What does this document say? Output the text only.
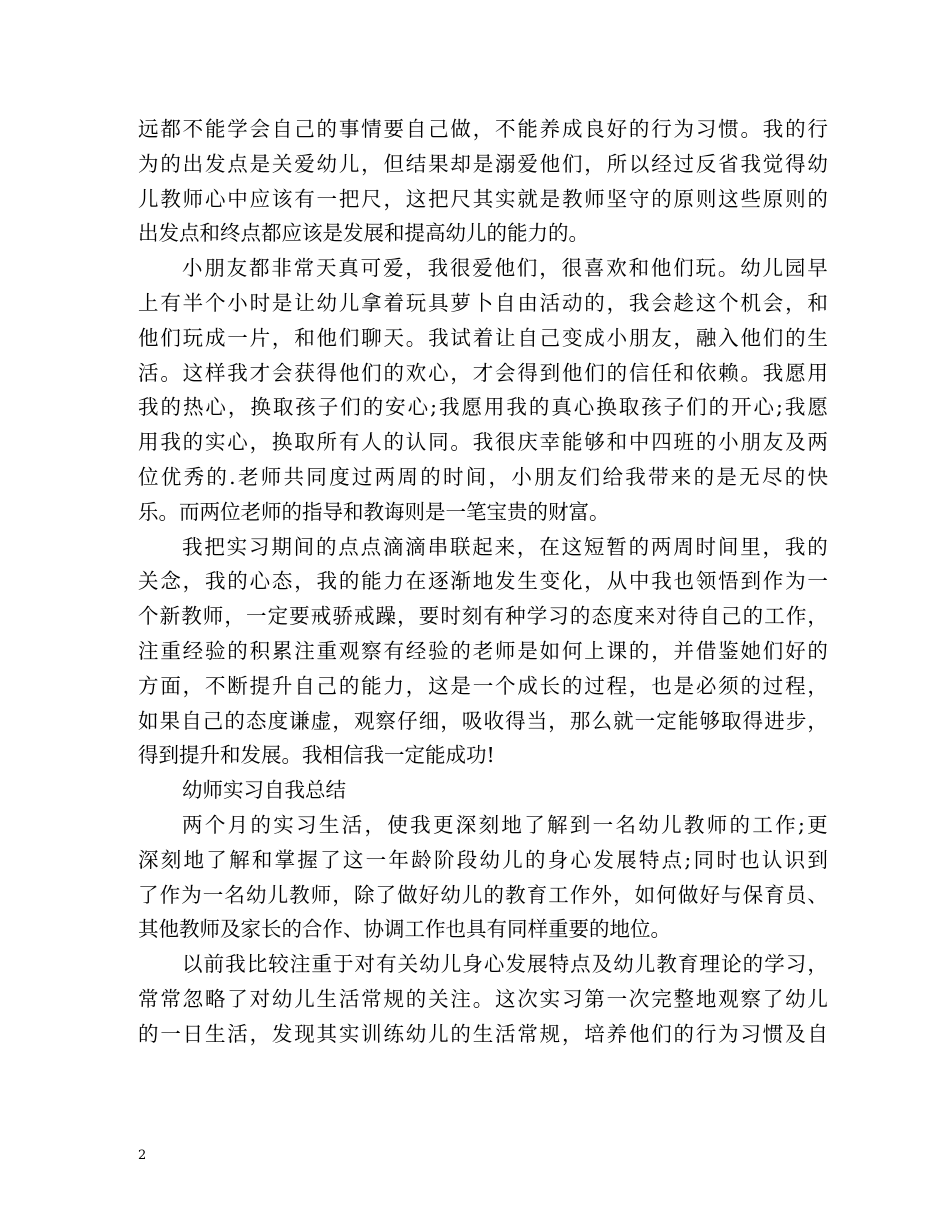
远 都 不 能 学 会 自 己 的 事 情 要 自 己 做 ， 不 能 养 成 良 好 的 行 为 习 惯 。 我 的 行
为 的 出 发 点 是 关 爱 幼 儿 ， 但 结 果 却 是 溺 爱 他 们 ， 所 以 经 过 反 省 我 觉 得 幼
儿 教 师 心 中 应 该 有 一 把 尺 ， 这 把 尺 其 实 就 是 教 师 坚 守 的 原 则 这 些 原 则 的
出发点和终点都应该是发展和提高幼儿的能力的。
小 朋 友 都 非 常 天 真 可 爱 ， 我 很 爱 他 们 ， 很 喜 欢 和 他 们 玩 。 幼 儿 园 早
上 有 半 个 小 时 是 让 幼 儿 拿 着 玩 具 萝 卜 自 由 活 动 的 ， 我 会 趁 这 个 机 会 ， 和
他 们 玩 成 一 片 ， 和 他 们 聊 天 。 我 试 着 让 自 己 变 成 小 朋 友 ， 融 入 他 们 的 生
活 。 这 样 我 才 会 获 得 他 们 的 欢 心 ， 才 会 得 到 他 们 的 信 任 和 依 赖 。 我 愿 用
我 的 热 心 ， 换 取 孩 子 们 的 安 心 ; 我 愿 用 我 的 真 心 换 取 孩 子 们 的 开 心 ; 我 愿
用 我 的 实 心 ， 换 取 所 有 人 的 认 同 。 我 很 庆 幸 能 够 和 中 四 班 的 小 朋 友 及 两
位 优 秀 的 . 老 师 共 同 度 过 两 周 的 时 间 ， 小 朋 友 们 给 我 带 来 的 是 无 尽 的 快
乐。而两位老师的指导和教诲则是一笔宝贵的财富。
我 把 实 习 期 间 的 点 点 滴 滴 串 联 起 来 ， 在 这 短 暂 的 两 周 时 间 里 ， 我 的
关 念 ， 我 的 心 态 ， 我 的 能 力 在 逐 渐 地 发 生 变 化 ， 从 中 我 也 领 悟 到 作 为 一
个 新 教 师 ， 一 定 要 戒 骄 戒 躁 ， 要 时 刻 有 种 学 习 的 态 度 来 对 待 自 己 的 工 作 ，
注 重 经 验 的 积 累 注 重 观 察 有 经 验 的 老 师 是 如 何 上 课 的 ， 并 借 鉴 她 们 好 的
方 面 ， 不 断 提 升 自 己 的 能 力 ， 这 是 一 个 成 长 的 过 程 ， 也 是 必 须 的 过 程 ，
如 果 自 己 的 态 度 谦 虚 ， 观 察 仔 细 ， 吸 收 得 当 ， 那 么 就 一 定 能 够 取 得 进 步 ，
得到提升和发展。我相信我一定能成功!
幼师实习自我总结
两 个 月 的 实 习 生 活 ， 使 我 更 深 刻 地 了 解 到 一 名 幼 儿 教 师 的 工 作 ; 更
深 刻 地 了 解 和 掌 握 了 这 一 年 龄 阶 段 幼 儿 的 身 心 发 展 特 点 ; 同 时 也 认 识 到
了 作 为 一 名 幼 儿 教 师 ， 除 了 做 好 幼 儿 的 教 育 工 作 外 ， 如 何 做 好 与 保 育 员 、
其他教师及家长的合作、协调工作也具有同样重要的地位。
以 前 我 比 较 注 重 于 对 有 关 幼 儿 身 心 发 展 特 点 及 幼 儿 教 育 理 论 的 学 习 ，
常 常 忽 略 了 对 幼 儿 生 活 常 规 的 关 注 。 这 次 实 习 第 一 次 完 整 地 观 察 了 幼 儿
的 一 日 生 活 ， 发 现 其 实 训 练 幼 儿 的 生 活 常 规 ， 培 养 他 们 的 行 为 习 惯 及 自
2
